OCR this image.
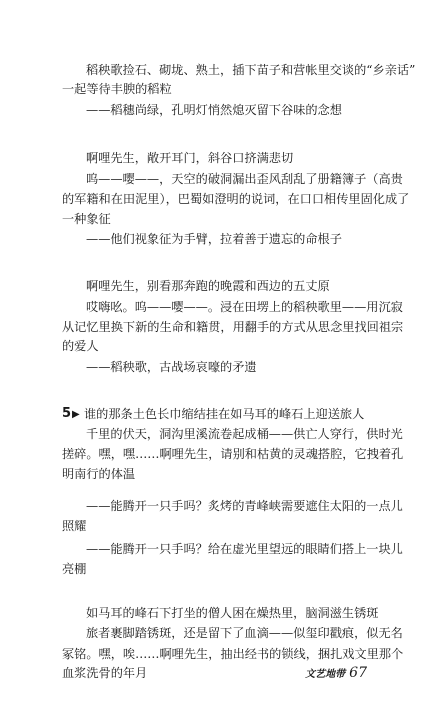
稻秧歌捡石、砌垅、熟土，插下苗子和营帐里交谈的“乡亲话”

一起等待丰腴的稻粒

——稻穗尚绿，孔明灯悄然熄灭留下谷味的念想

啊哩先生，敞开耳门，斜谷口挤满悲切

呜——嘤——，天空的破洞漏出歪风刮乱了册籍簿子（高贵

的军籍和在田泥里），巴蜀如澄明的说词，在口口相传里固化成了

一种象征

——他们视象征为手臂，拉着善于遗忘的命根子

啊哩先生，别看那奔跑的晚霞和西边的五丈原

哎嗨吆。呜——嘤——。浸在田塄上的稻秧歌里——用沉寂

从记忆里换下新的生命和籍贯，用翻手的方式从思念里找回祖宗

的爱人

——稻秧歌，古战场哀嚎的矛遗

5▶ 谁的那条土色长巾缩结挂在如马耳的峰石上迎送旅人

千里的伏天，洞沟里溪流卷起成桶——供亡人穿行，供时光

搓碎。嘿，嘿……啊哩先生，请别和枯黄的灵魂搭腔，它拽着孔

明南行的体温

——能腾开一只手吗？炙烤的青峰峡需要遮住太阳的一点儿

照耀

——能腾开一只手吗？给在虚光里望远的眼睛们搭上一块儿

亮棚

如马耳的峰石下打坐的僧人困在燥热里，脑洞滋生锈斑

旅者裹脚踏锈斑，还是留下了血滴——似玺印戳痕，似无名

冢铭。嘿，唉……啊哩先生，抽出经书的锁线，捆扎戏文里那个

血浆洗骨的年月	文艺地带 67
